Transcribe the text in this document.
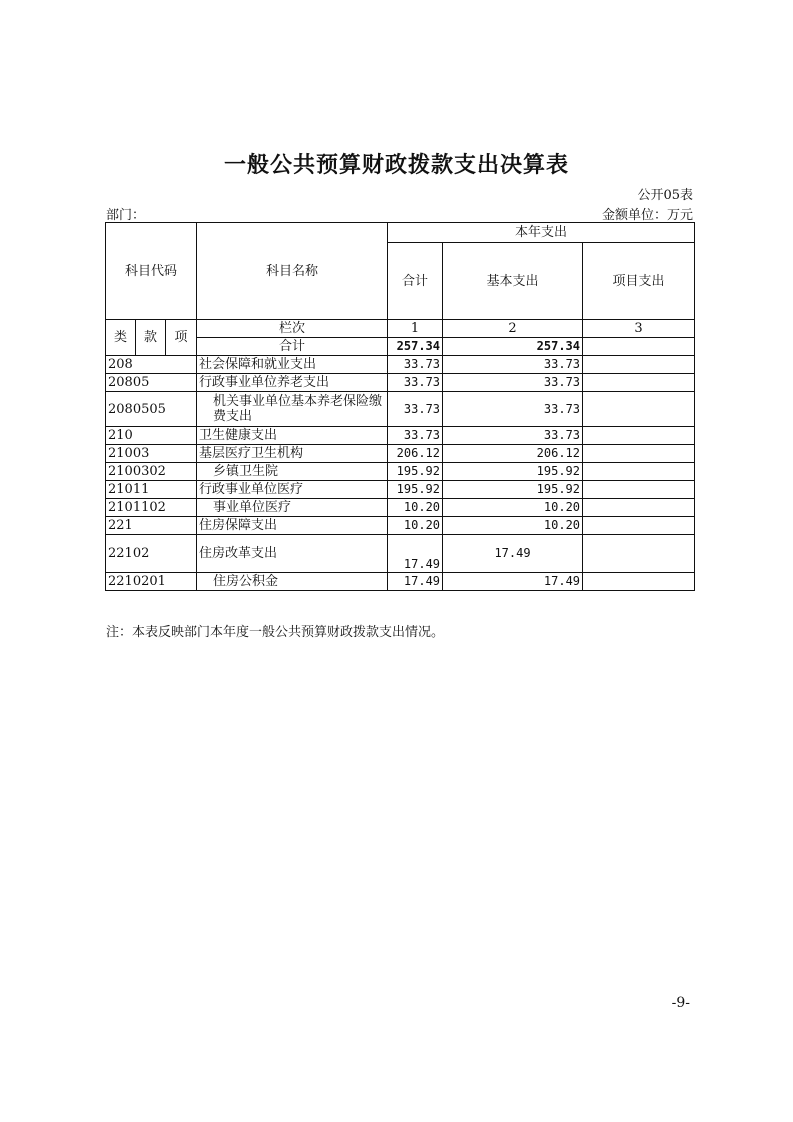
一般公共预算财政拨款支出决算表
公开05表
部门：	金额单位：万元
科目代码			科目名称	本年支出		
				合计	基本支出	项目支出
类	款	项	栏次	1	2	3
			合计	257.34	257.34	
208			社会保障和就业支出	33.73	33.73	
20805			行政事业单位养老支出	33.73	33.73	
2080505			机关事业单位基本养老保险缴费支出	33.73	33.73	
210			卫生健康支出	33.73	33.73	
21003			基层医疗卫生机构	206.12	206.12	
2100302			乡镇卫生院	195.92	195.92	
21011			行政事业单位医疗	195.92	195.92	
2101102			事业单位医疗	10.20	10.20	
221			住房保障支出	10.20	10.20	
22102			住房改革支出	17.49	17.49	
2210201			住房公积金	17.49	17.49	
注：本表反映部门本年度一般公共预算财政拨款支出情况。
-9-
